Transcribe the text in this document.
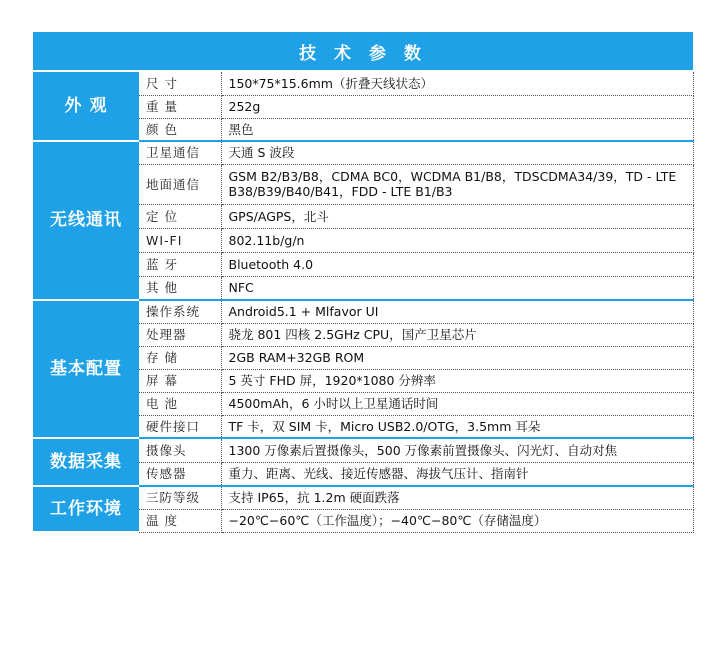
技 术 参 数
外 观	尺 寸	150*75*15.6mm（折叠天线状态）
	重 量	252g
	颜 色	黑色
无线通讯	卫星通信	天通 S 波段
	地面通信	GSM B2/B3/B8，CDMA BC0，WCDMA B1/B8，TDSCDMA34/39，TD - LTE B38/B39/B40/B41，FDD - LTE B1/B3
	定 位	GPS/AGPS，北斗
	WI-FI	802.11b/g/n
	蓝 牙	Bluetooth 4.0
	其 他	NFC
基本配置	操作系统	Android5.1 + Mlfavor UI
	处理器	骁龙 801 四核 2.5GHz CPU，国产卫星芯片
	存 储	2GB RAM+32GB ROM
	屏 幕	5 英寸 FHD 屏，1920*1080 分辨率
	电 池	4500mAh，6 小时以上卫星通话时间
	硬件接口	TF 卡，双 SIM 卡，Micro USB2.0/OTG，3.5mm 耳朵
数据采集	摄像头	1300 万像素后置摄像头，500 万像素前置摄像头、闪光灯、自动对焦
	传感器	重力、距离、光线、接近传感器、海拔气压计、指南针
工作环境	三防等级	支持 IP65，抗 1.2m 硬面跌落
	温 度	−20℃−60℃（工作温度）；−40℃−80℃（存储温度）
